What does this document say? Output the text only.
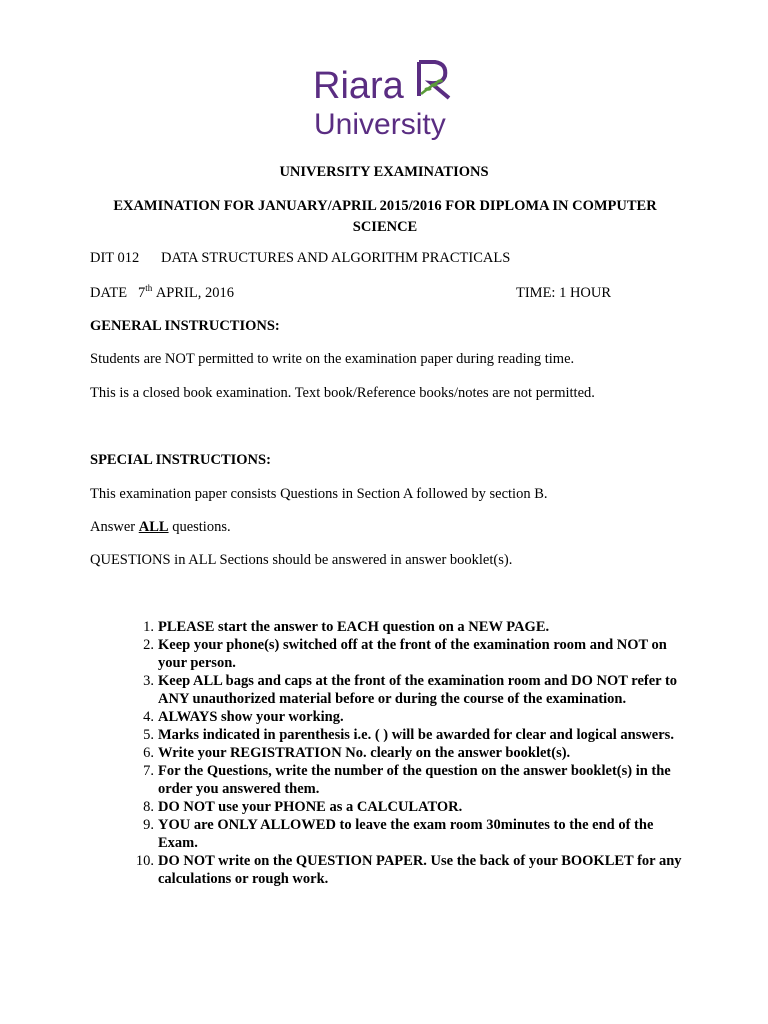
Riara
University
UNIVERSITY EXAMINATIONS
EXAMINATION FOR JANUARY/APRIL 2015/2016 FOR DIPLOMA IN COMPUTER SCIENCE
DIT 012 DATA STRUCTURES AND ALGORITHM PRACTICALS
DATE 7th APRIL, 2016	TIME: 1 HOUR
GENERAL INSTRUCTIONS:
Students are NOT permitted to write on the examination paper during reading time.
This is a closed book examination. Text book/Reference books/notes are not permitted.
SPECIAL INSTRUCTIONS:
This examination paper consists Questions in Section A followed by section B.
Answer ALL questions.
QUESTIONS in ALL Sections should be answered in answer booklet(s).
1. PLEASE start the answer to EACH question on a NEW PAGE.
2. Keep your phone(s) switched off at the front of the examination room and NOT on your person.
3. Keep ALL bags and caps at the front of the examination room and DO NOT refer to ANY unauthorized material before or during the course of the examination.
4. ALWAYS show your working.
5. Marks indicated in parenthesis i.e. ( ) will be awarded for clear and logical answers.
6. Write your REGISTRATION No. clearly on the answer booklet(s).
7. For the Questions, write the number of the question on the answer booklet(s) in the order you answered them.
8. DO NOT use your PHONE as a CALCULATOR.
9. YOU are ONLY ALLOWED to leave the exam room 30minutes to the end of the Exam.
10. DO NOT write on the QUESTION PAPER. Use the back of your BOOKLET for any calculations or rough work.
